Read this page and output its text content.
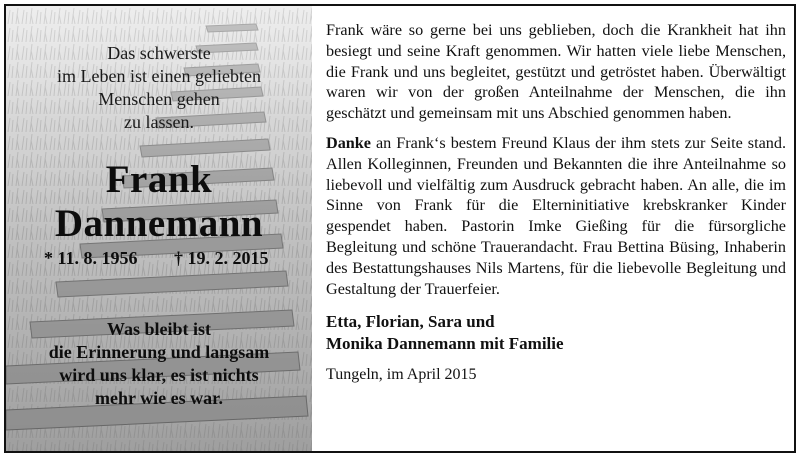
Das schwerste
im Leben ist einen geliebten
Menschen gehen
zu lassen.
Frank
Dannemann
* 11. 8. 1956 † 19. 2. 2015
Was bleibt ist
die Erinnerung und langsam
wird uns klar, es ist nichts
mehr wie es war.

Frank wäre so gerne bei uns geblieben, doch die Krankheit hat ihn besiegt und seine Kraft genommen. Wir hatten viele liebe Menschen, die Frank und uns begleitet, gestützt und getröstet haben. Überwältigt waren wir von der großen Anteilnahme der Menschen, die ihn geschätzt und gemeinsam mit uns Abschied genommen haben.

Danke an Frank‘s bestem Freund Klaus der ihm stets zur Seite stand. Allen Kolleginnen, Freunden und Bekannten die ihre Anteilnahme so liebevoll und vielfältig zum Ausdruck gebracht haben. An alle, die im Sinne von Frank für die Elterninitiative krebskranker Kinder gespendet haben. Pastorin Imke Gießing für die fürsorgliche Begleitung und schöne Trauerandacht. Frau Bettina Büsing, Inhaberin des Bestattungshauses Nils Martens, für die liebevolle Begleitung und Gestaltung der Trauerfeier.

Etta, Florian, Sara und
Monika Dannemann mit Familie
Tungeln, im April 2015
